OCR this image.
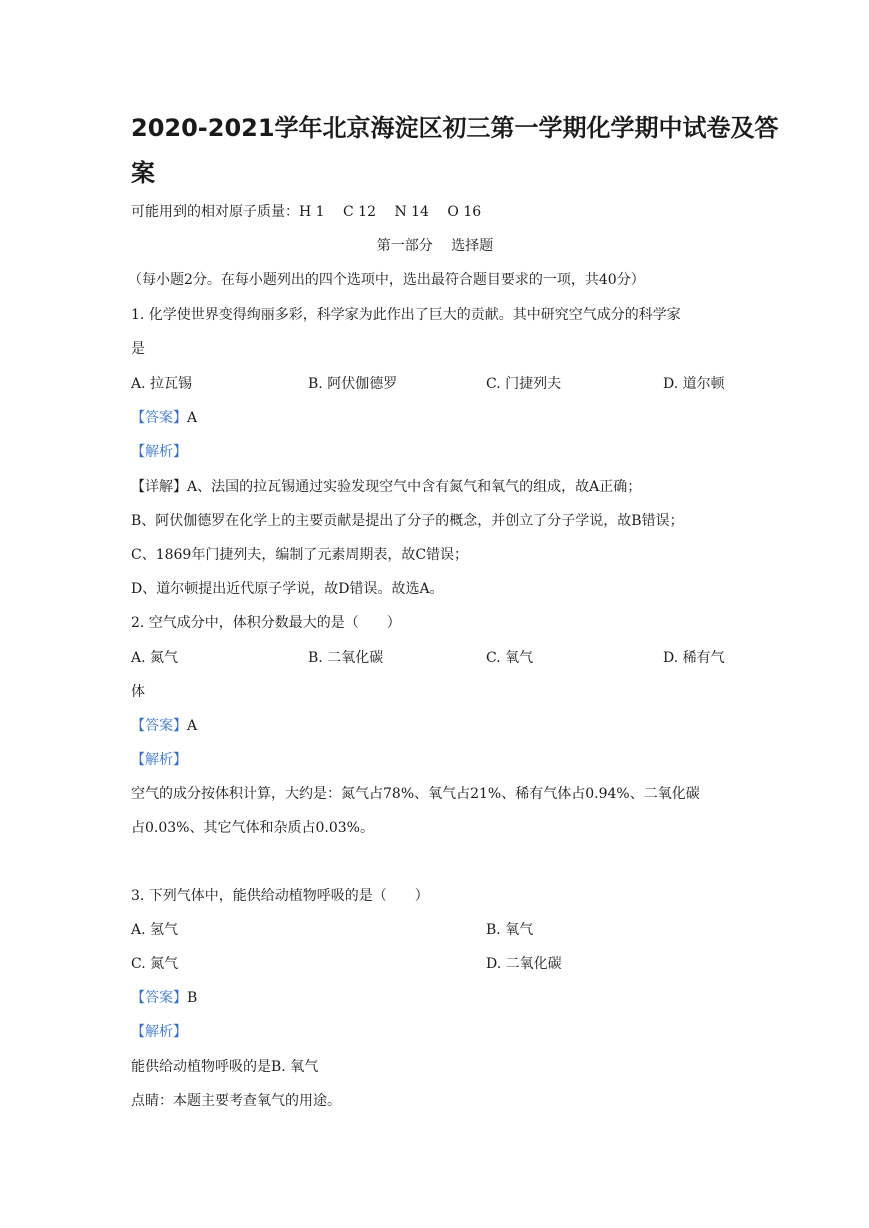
2020-2021学年北京海淀区初三第一学期化学期中试卷及答
案
可能用到的相对原子质量：H 1　 C 12　 N 14　 O 16
第一部分　 选择题
（每小题2分。在每小题列出的四个选项中，选出最符合题目要求的一项，共40分）
1. 化学使世界变得绚丽多彩，科学家为此作出了巨大的贡献。其中研究空气成分的科学家
是
A. 拉瓦锡	B. 阿伏伽德罗	C. 门捷列夫	D. 道尔顿
【答案】A
【解析】
【详解】A、法国的拉瓦锡通过实验发现空气中含有氮气和氧气的组成，故A正确；
B、阿伏伽德罗在化学上的主要贡献是提出了分子的概念，并创立了分子学说，故B错误；
C、1869年门捷列夫，编制了元素周期表，故C错误；
D、道尔顿提出近代原子学说，故D错误。故选A。
2. 空气成分中，体积分数最大的是（　　）
A. 氮气	B. 二氧化碳	C. 氧气	D. 稀有气
体
【答案】A
【解析】
空气的成分按体积计算，大约是：氮气占78%、氧气占21%、稀有气体占0.94%、二氧化碳
占0.03%、其它气体和杂质占0.03%。
3. 下列气体中，能供给动植物呼吸的是（　　）
A. 氢气	B. 氧气
C. 氮气	D. 二氧化碳
【答案】B
【解析】
能供给动植物呼吸的是B. 氧气
点睛：本题主要考查氧气的用途。
